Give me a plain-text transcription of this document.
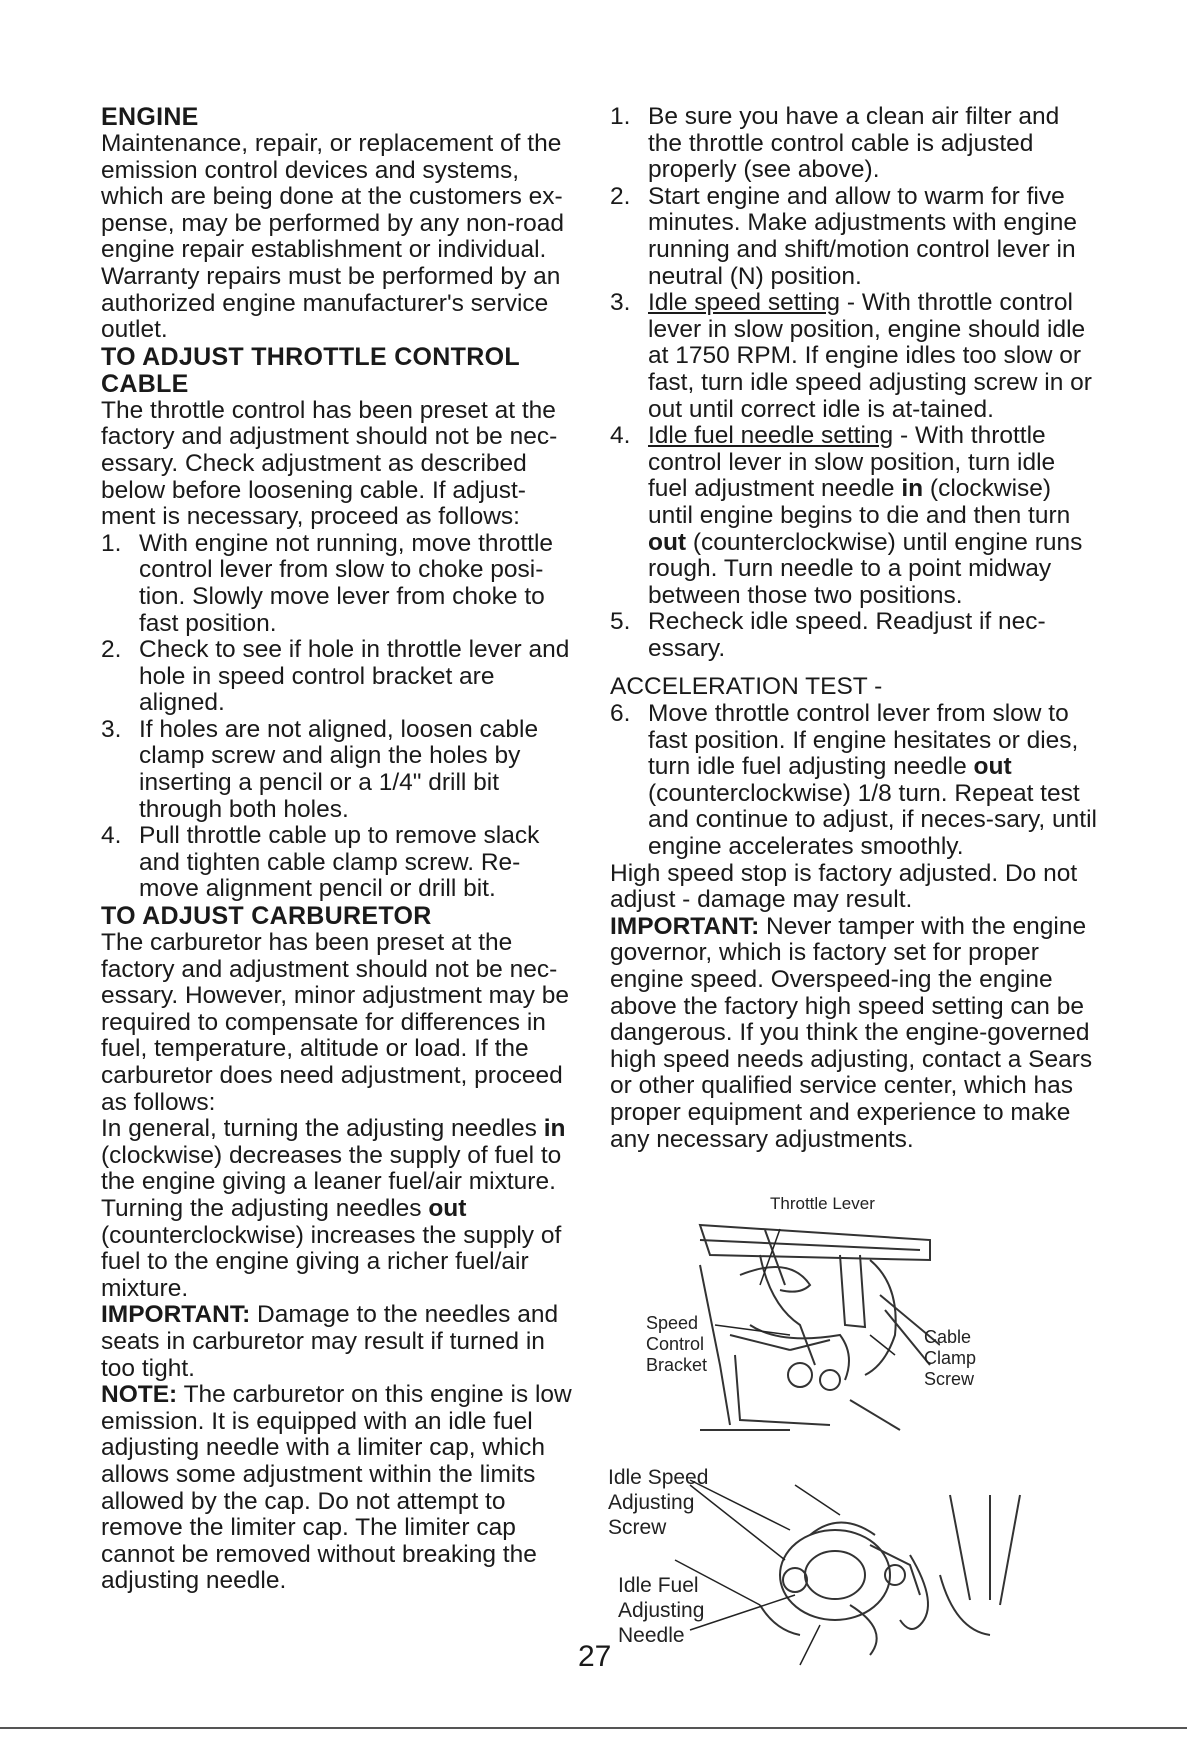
ENGINE

Maintenance, repair, or replacement of the emission control devices and systems, which are being done at the customers ex-pense, may be performed by any non-road engine repair establishment or individual. Warranty repairs must be performed by an authorized engine manufacturer's service outlet.

TO ADJUST THROTTLE CONTROL CABLE

The throttle control has been preset at the factory and adjustment should not be nec-essary. Check adjustment as described below before loosening cable. If adjust-ment is necessary, proceed as follows:

1. With engine not running, move throttle control lever from slow to choke posi-tion. Slowly move lever from choke to fast position.
2. Check to see if hole in throttle lever and hole in speed control bracket are aligned.
3. If holes are not aligned, loosen cable clamp screw and align the holes by inserting a pencil or a 1/4" drill bit through both holes.
4. Pull throttle cable up to remove slack and tighten cable clamp screw. Re-move alignment pencil or drill bit.
TO ADJUST CARBURETOR

The carburetor has been preset at the factory and adjustment should not be nec-essary. However, minor adjustment may be required to compensate for differences in fuel, temperature, altitude or load. If the carburetor does need adjustment, proceed as follows:

In general, turning the adjusting needles in (clockwise) decreases the supply of fuel to the engine giving a leaner fuel/air mixture. Turning the adjusting needles out (counterclockwise) increases the supply of fuel to the engine giving a richer fuel/air mixture.

IMPORTANT: Damage to the needles and seats in carburetor may result if turned in too tight.

NOTE: The carburetor on this engine is low emission. It is equipped with an idle fuel adjusting needle with a limiter cap, which allows some adjustment within the limits allowed by the cap. Do not attempt to remove the limiter cap. The limiter cap cannot be removed without breaking the adjusting needle.

1. Be sure you have a clean air filter and the throttle control cable is adjusted properly (see above).
2. Start engine and allow to warm for five minutes. Make adjustments with engine running and shift/motion control lever in neutral (N) position.
3. Idle speed setting - With throttle control lever in slow position, engine should idle at 1750 RPM. If engine idles too slow or fast, turn idle speed adjusting screw in or out until correct idle is at-tained.
4. Idle fuel needle setting - With throttle control lever in slow position, turn idle fuel adjustment needle in (clockwise) until engine begins to die and then turn out (counterclockwise) until engine runs rough. Turn needle to a point midway between those two positions.
5. Recheck idle speed. Readjust if nec-essary.

ACCELERATION TEST -

6. Move throttle control lever from slow to fast position. If engine hesitates or dies, turn idle fuel adjusting needle out (counterclockwise) 1/8 turn. Repeat test and continue to adjust, if neces-sary, until engine accelerates smoothly.

High speed stop is factory adjusted. Do not adjust - damage may result.

IMPORTANT: Never tamper with the engine governor, which is factory set for proper engine speed. Overspeed-ing the engine above the factory high speed setting can be dangerous. If you think the engine-governed high speed needs adjusting, contact a Sears or other qualified service center, which has proper equipment and experience to make any necessary adjustments.

Throttle Lever
Speed
Control
Bracket
Cable
Clamp
Screw
Idle Speed
Adjusting
Screw
Idle Fuel
Adjusting
Needle
27
